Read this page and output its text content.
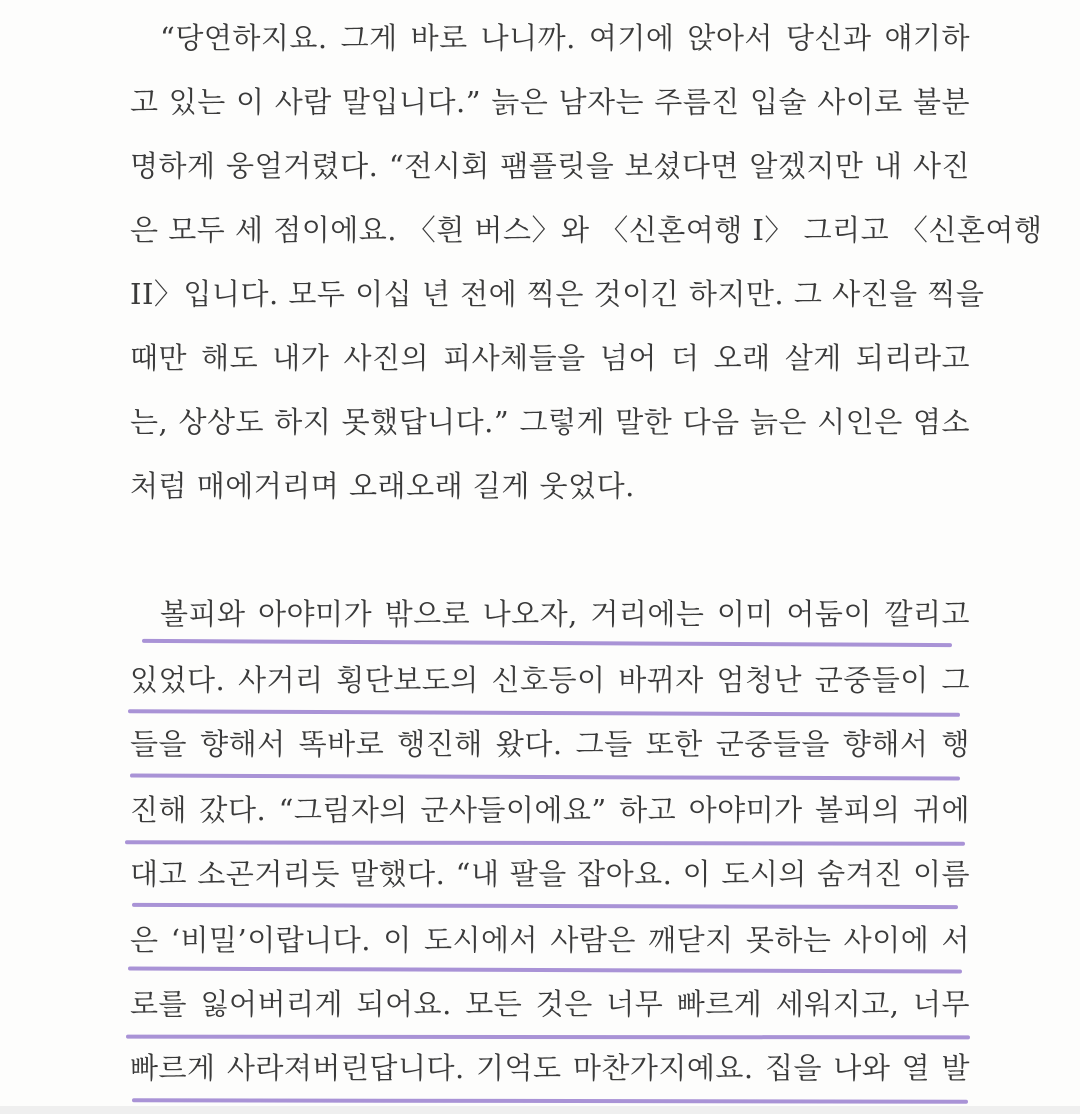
“당연하지요. 그게 바로 나니까. 여기에 앉아서 당신과 얘기하
고 있는 이 사람 말입니다.” 늙은 남자는 주름진 입술 사이로 불분
명하게 웅얼거렸다. “전시회 팸플릿을 보셨다면 알겠지만 내 사진
은 모두 세 점이에요. 〈흰 버스〉와 〈신혼여행 I〉 그리고 〈신혼여행
II〉입니다. 모두 이십 년 전에 찍은 것이긴 하지만. 그 사진을 찍을
때만 해도 내가 사진의 피사체들을 넘어 더 오래 살게 되리라고
는, 상상도 하지 못했답니다.” 그렇게 말한 다음 늙은 시인은 염소
처럼 매에거리며 오래오래 길게 웃었다.
볼피와 아야미가 밖으로 나오자, 거리에는 이미 어둠이 깔리고
있었다. 사거리 횡단보도의 신호등이 바뀌자 엄청난 군중들이 그
들을 향해서 똑바로 행진해 왔다. 그들 또한 군중들을 향해서 행
진해 갔다. “그림자의 군사들이에요” 하고 아야미가 볼피의 귀에
대고 소곤거리듯 말했다. “내 팔을 잡아요. 이 도시의 숨겨진 이름
은 ‘비밀’이랍니다. 이 도시에서 사람은 깨닫지 못하는 사이에 서
로를 잃어버리게 되어요. 모든 것은 너무 빠르게 세워지고, 너무
빠르게 사라져버린답니다. 기억도 마찬가지예요. 집을 나와 열 발
